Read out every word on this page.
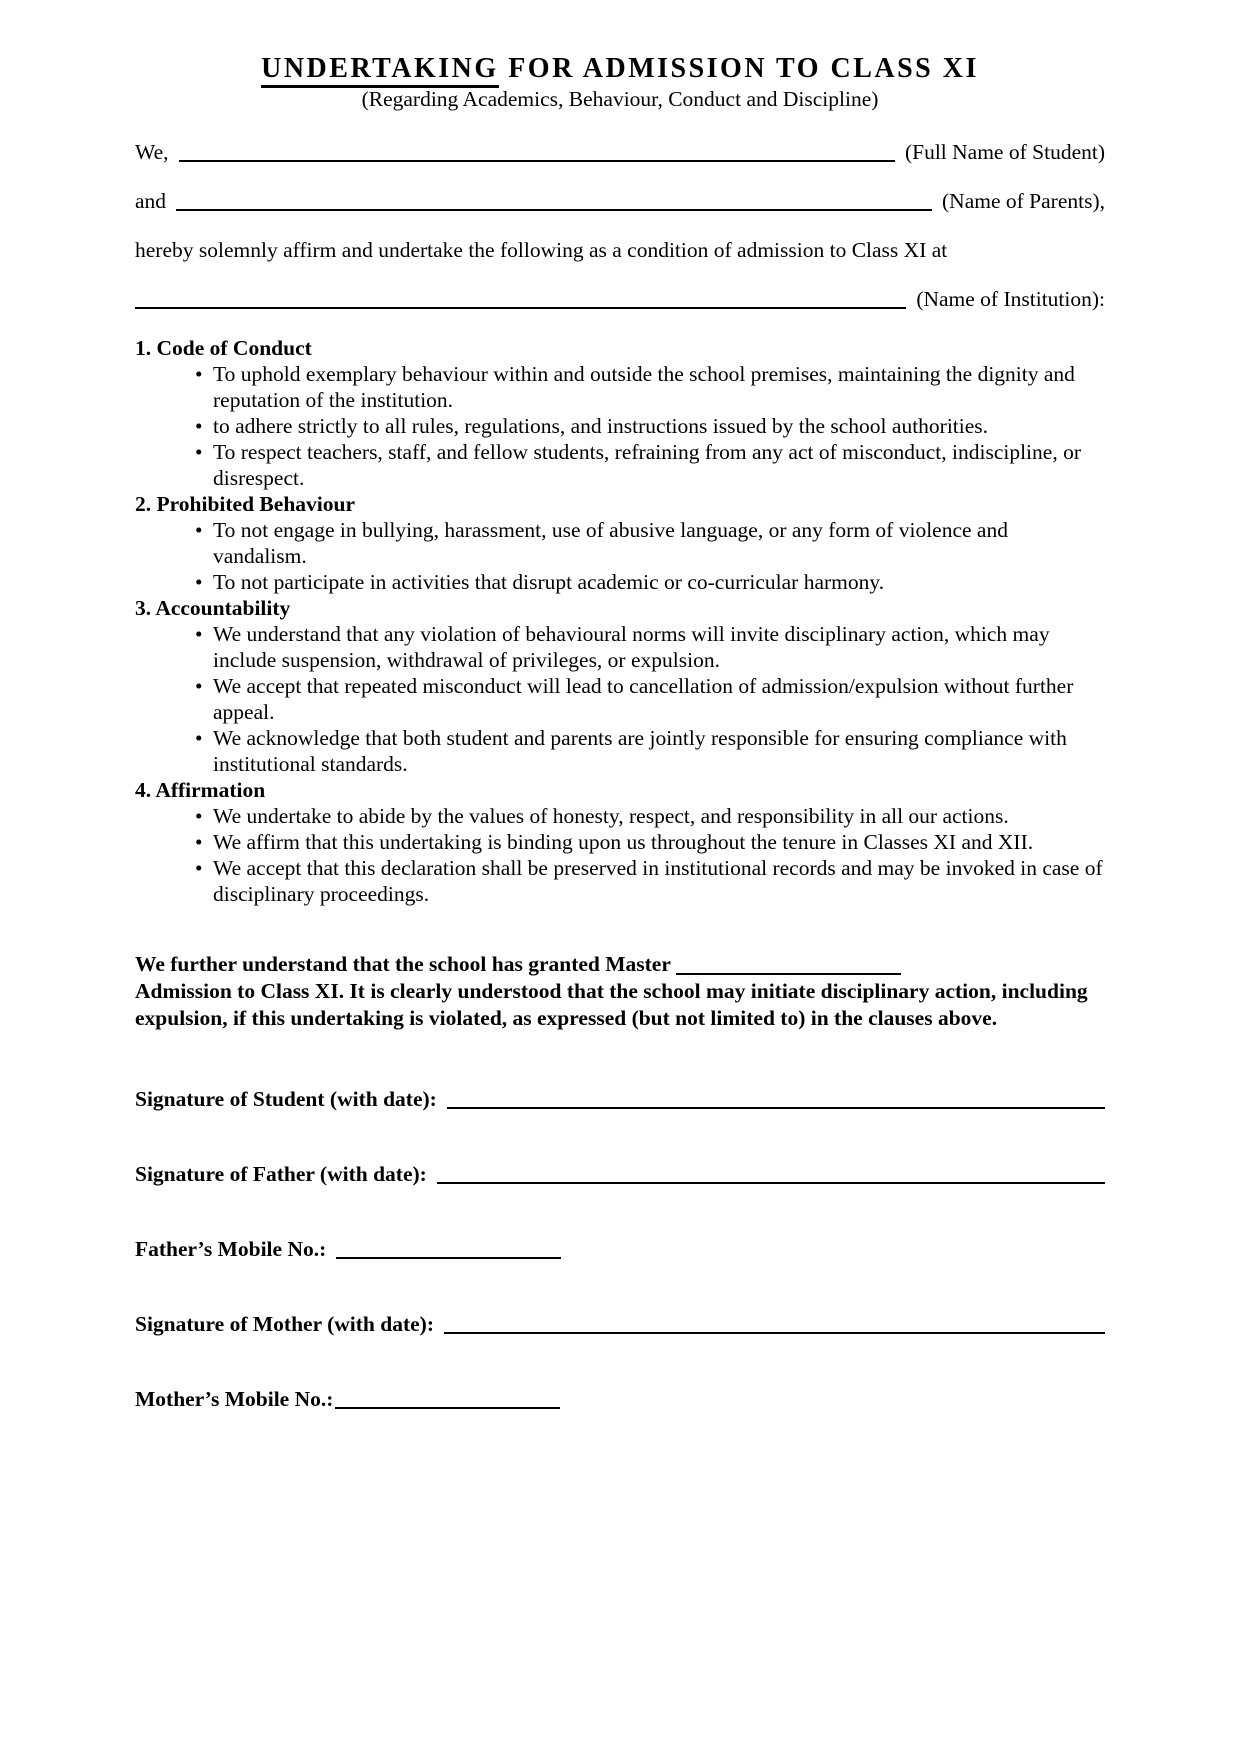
UNDERTAKING FOR ADMISSION TO CLASS XI
(Regarding Academics, Behaviour, Conduct and Discipline)
We,	(Full Name of Student)
and	(Name of Parents),
hereby solemnly affirm and undertake the following as a condition of admission to Class XI at
(Name of Institution):
1. Code of Conduct
• To uphold exemplary behaviour within and outside the school premises, maintaining the dignity and reputation of the institution.
• to adhere strictly to all rules, regulations, and instructions issued by the school authorities.
• To respect teachers, staff, and fellow students, refraining from any act of misconduct, indiscipline, or disrespect.
2. Prohibited Behaviour
• To not engage in bullying, harassment, use of abusive language, or any form of violence and vandalism.
• To not participate in activities that disrupt academic or co-curricular harmony.
3. Accountability
• We understand that any violation of behavioural norms will invite disciplinary action, which may include suspension, withdrawal of privileges, or expulsion.
• We accept that repeated misconduct will lead to cancellation of admission/expulsion without further appeal.
• We acknowledge that both student and parents are jointly responsible for ensuring compliance with institutional standards.
4. Affirmation
• We undertake to abide by the values of honesty, respect, and responsibility in all our actions.
• We affirm that this undertaking is binding upon us throughout the tenure in Classes XI and XII.
• We accept that this declaration shall be preserved in institutional records and may be invoked in case of disciplinary proceedings.
We further understand that the school has granted Master
Admission to Class XI. It is clearly understood that the school may initiate disciplinary action, including expulsion, if this undertaking is violated, as expressed (but not limited to) in the clauses above.
Signature of Student (with date):
Signature of Father (with date):
Father’s Mobile No.:
Signature of Mother (with date):
Mother’s Mobile No.:
